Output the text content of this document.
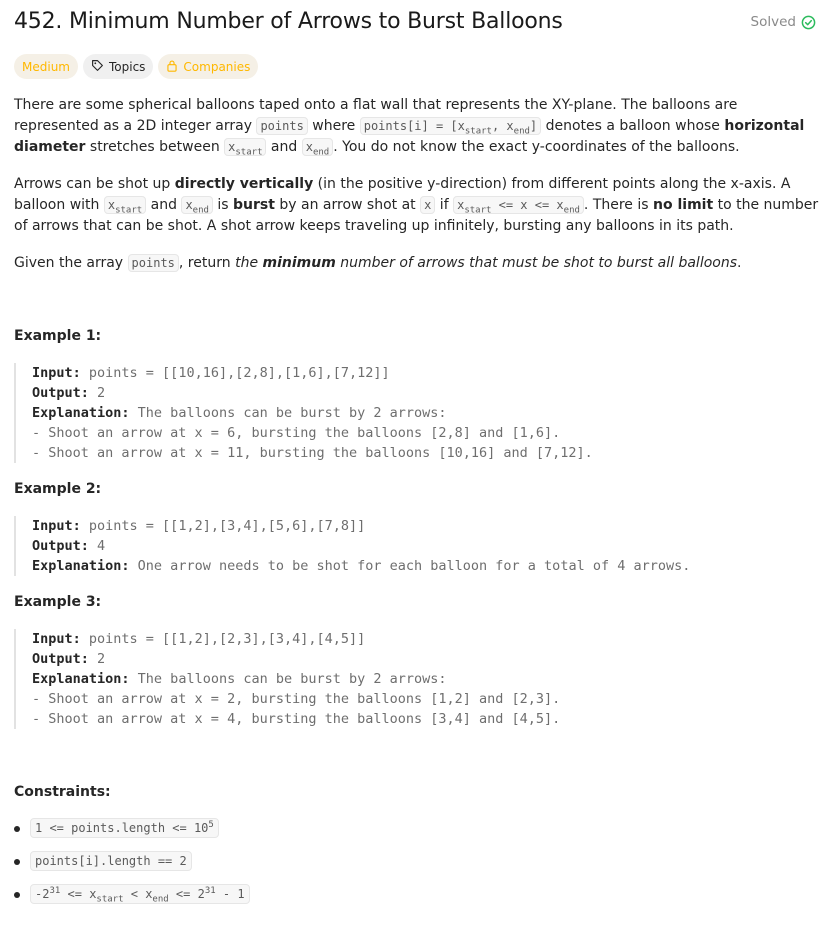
452. Minimum Number of Arrows to Burst Balloons	Solved
Medium	Topics	Companies

There are some spherical balloons taped onto a flat wall that represents the XY-plane. The balloons are represented as a 2D integer array points where points[i] = [$x_{start}$, $x_{end}$] denotes a balloon whose horizontal diameter stretches between $x_{start}$ and $x_{end}$ . You do not know the exact y-coordinates of the balloons.

Arrows can be shot up directly vertically (in the positive y-direction) from different points along the x-axis. A balloon with $x_{start}$ and $x_{end}$ is burst by an arrow shot at x if $x_{start} <= x <= x_{end}$ . There is no limit to the number of arrows that can be shot. A shot arrow keeps traveling up infinitely, bursting any balloons in its path.

Given the array points , return the minimum number of arrows that must be shot to burst all balloons.

Example 1:
Input: points = [[10,16],[2,8],[1,6],[7,12]]
Output: 2
Explanation: The balloons can be burst by 2 arrows:
- Shoot an arrow at x = 6, bursting the balloons [2,8] and [1,6].
- Shoot an arrow at x = 11, bursting the balloons [10,16] and [7,12].
Example 2:
Input: points = [[1,2],[3,4],[5,6],[7,8]]
Output: 4
Explanation: One arrow needs to be shot for each balloon for a total of 4 arrows.
Example 3:
Input: points = [[1,2],[2,3],[3,4],[4,5]]
Output: 2
Explanation: The balloons can be burst by 2 arrows:
- Shoot an arrow at x = 2, bursting the balloons [1,2] and [2,3].
- Shoot an arrow at x = 4, bursting the balloons [3,4] and [4,5].
Constraints:
1 <= points.length <= $10^5$
points[i].length == 2
$-2^{31} <= x_{start} < x_{end} <= 2^{31} - 1$
